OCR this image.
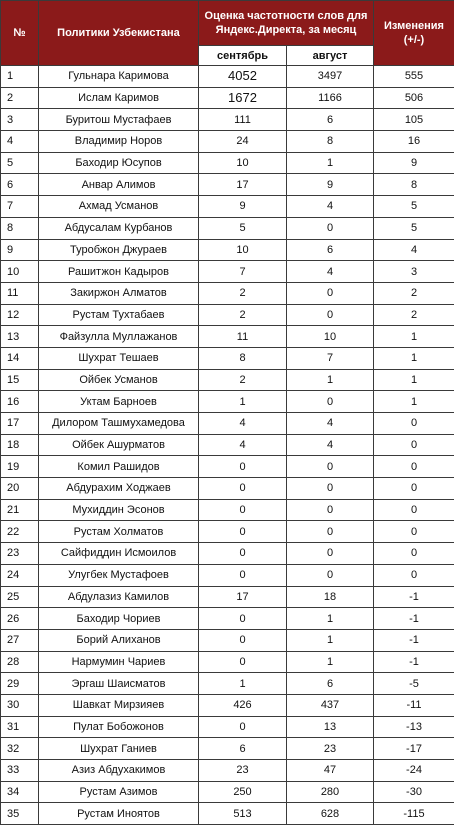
№	Политики Узбекистана	Оценка частотности слов для Яндекс.Директа, за месяц		Изменения (+/-)
		сентябрь	август	
1	Гульнара Каримова	4052	3497	555
2	Ислам Каримов	1672	1166	506
3	Буритош Мустафаев	111	6	105
4	Владимир Норов	24	8	16
5	Баходир Юсупов	10	1	9
6	Анвар Алимов	17	9	8
7	Ахмад Усманов	9	4	5
8	Абдусалам Курбанов	5	0	5
9	Туробжон Джураев	10	6	4
10	Рашитжон Кадыров	7	4	3
11	Закиржон Алматов	2	0	2
12	Рустам Тухтабаев	2	0	2
13	Файзулла Муллажанов	11	10	1
14	Шухрат Тешаев	8	7	1
15	Ойбек Усманов	2	1	1
16	Уктам Барноев	1	0	1
17	Дилором Ташмухамедова	4	4	0
18	Ойбек Ашурматов	4	4	0
19	Комил Рашидов	0	0	0
20	Абдурахим Ходжаев	0	0	0
21	Мухиддин Эсонов	0	0	0
22	Рустам Холматов	0	0	0
23	Сайфиддин Исмоилов	0	0	0
24	Улугбек Мустафоев	0	0	0
25	Абдулазиз Камилов	17	18	-1
26	Баходир Чориев	0	1	-1
27	Борий Алиханов	0	1	-1
28	Нармумин Чариев	0	1	-1
29	Эргаш Шаисматов	1	6	-5
30	Шавкат Мирзияев	426	437	-11
31	Пулат Бобожонов	0	13	-13
32	Шухрат Ганиев	6	23	-17
33	Азиз Абдухакимов	23	47	-24
34	Рустам Азимов	250	280	-30
35	Рустам Иноятов	513	628	-115
